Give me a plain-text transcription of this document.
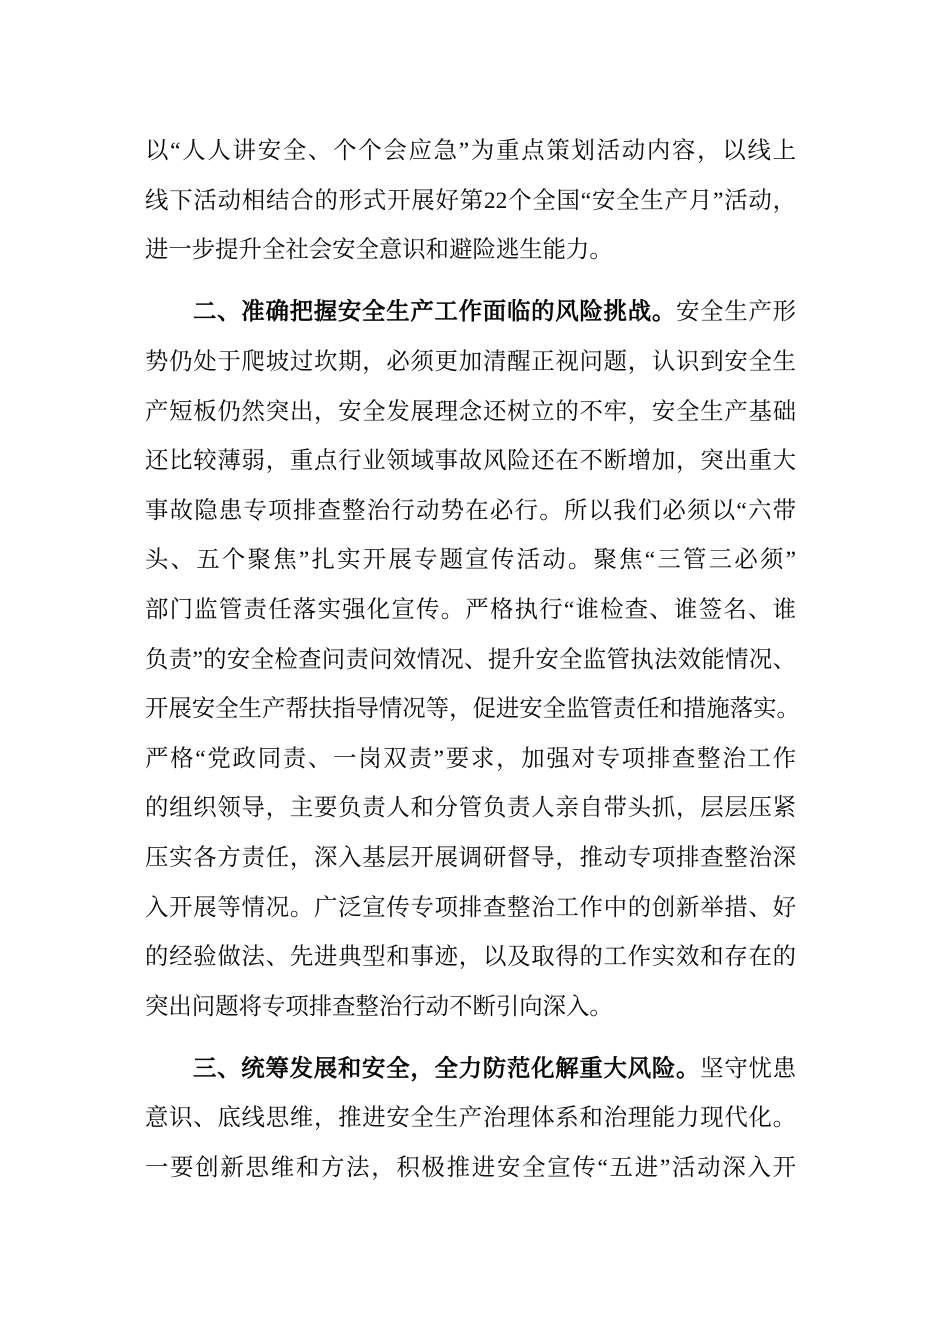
以“人人讲安全、个个会应急”为重点策划活动内容，以线上
线下活动相结合的形式开展好第22个全国“安全生产月”活动，
进一步提升全社会安全意识和避险逃生能力。
二、准确把握安全生产工作面临的风险挑战。安全生产形
势仍处于爬坡过坎期，必须更加清醒正视问题，认识到安全生
产短板仍然突出，安全发展理念还树立的不牢，安全生产基础
还比较薄弱，重点行业领域事故风险还在不断增加，突出重大
事故隐患专项排查整治行动势在必行。所以我们必须以“六带
头、五个聚焦”扎实开展专题宣传活动。聚焦“三管三必须”
部门监管责任落实强化宣传。严格执行“谁检查、谁签名、谁
负责”的安全检查问责问效情况、提升安全监管执法效能情况、
开展安全生产帮扶指导情况等，促进安全监管责任和措施落实。
严格“党政同责、一岗双责”要求，加强对专项排查整治工作
的组织领导，主要负责人和分管负责人亲自带头抓，层层压紧
压实各方责任，深入基层开展调研督导，推动专项排查整治深
入开展等情况。广泛宣传专项排查整治工作中的创新举措、好
的经验做法、先进典型和事迹，以及取得的工作实效和存在的
突出问题将专项排查整治行动不断引向深入。
三、统筹发展和安全，全力防范化解重大风险。坚守忧患
意识、底线思维，推进安全生产治理体系和治理能力现代化。
一要创新思维和方法，积极推进安全宣传“五进”活动深入开
